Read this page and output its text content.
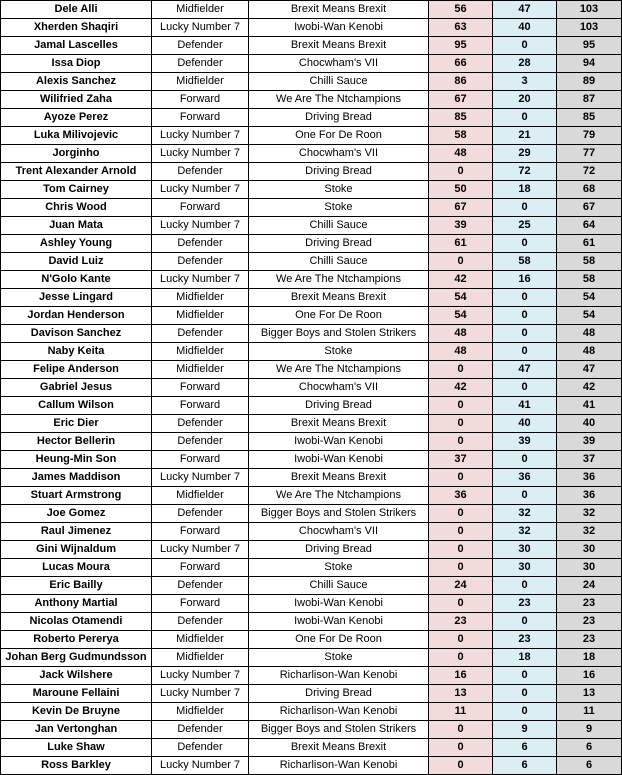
Dele Alli	Midfielder	Brexit Means Brexit	56	47	103
Xherden Shaqiri	Lucky Number 7	Iwobi-Wan Kenobi	63	40	103
Jamal Lascelles	Defender	Brexit Means Brexit	95	0	95
Issa Diop	Defender	Chocwham's VII	66	28	94
Alexis Sanchez	Midfielder	Chilli Sauce	86	3	89
Wilifried Zaha	Forward	We Are The Ntchampions	67	20	87
Ayoze Perez	Forward	Driving Bread	85	0	85
Luka Milivojevic	Lucky Number 7	One For De Roon	58	21	79
Jorginho	Lucky Number 7	Chocwham's VII	48	29	77
Trent Alexander Arnold	Defender	Driving Bread	0	72	72
Tom Cairney	Lucky Number 7	Stoke	50	18	68
Chris Wood	Forward	Stoke	67	0	67
Juan Mata	Lucky Number 7	Chilli Sauce	39	25	64
Ashley Young	Defender	Driving Bread	61	0	61
David Luiz	Defender	Chilli Sauce	0	58	58
N'Golo Kante	Lucky Number 7	We Are The Ntchampions	42	16	58
Jesse Lingard	Midfielder	Brexit Means Brexit	54	0	54
Jordan Henderson	Midfielder	One For De Roon	54	0	54
Davison Sanchez	Defender	Bigger Boys and Stolen Strikers	48	0	48
Naby Keita	Midfielder	Stoke	48	0	48
Felipe Anderson	Midfielder	We Are The Ntchampions	0	47	47
Gabriel Jesus	Forward	Chocwham's VII	42	0	42
Callum Wilson	Forward	Driving Bread	0	41	41
Eric Dier	Defender	Brexit Means Brexit	0	40	40
Hector Bellerin	Defender	Iwobi-Wan Kenobi	0	39	39
Heung-Min Son	Forward	Iwobi-Wan Kenobi	37	0	37
James Maddison	Lucky Number 7	Brexit Means Brexit	0	36	36
Stuart Armstrong	Midfielder	We Are The Ntchampions	36	0	36
Joe Gomez	Defender	Bigger Boys and Stolen Strikers	0	32	32
Raul Jimenez	Forward	Chocwham's VII	0	32	32
Gini Wijnaldum	Lucky Number 7	Driving Bread	0	30	30
Lucas Moura	Forward	Stoke	0	30	30
Eric Bailly	Defender	Chilli Sauce	24	0	24
Anthony Martial	Forward	Iwobi-Wan Kenobi	0	23	23
Nicolas Otamendi	Defender	Iwobi-Wan Kenobi	23	0	23
Roberto Pererya	Midfielder	One For De Roon	0	23	23
Johan Berg Gudmundsson	Midfielder	Stoke	0	18	18
Jack Wilshere	Lucky Number 7	Richarlison-Wan Kenobi	16	0	16
Maroune Fellaini	Lucky Number 7	Driving Bread	13	0	13
Kevin De Bruyne	Midfielder	Richarlison-Wan Kenobi	11	0	11
Jan Vertonghan	Defender	Bigger Boys and Stolen Strikers	0	9	9
Luke Shaw	Defender	Brexit Means Brexit	0	6	6
Ross Barkley	Lucky Number 7	Richarlison-Wan Kenobi	0	6	6
